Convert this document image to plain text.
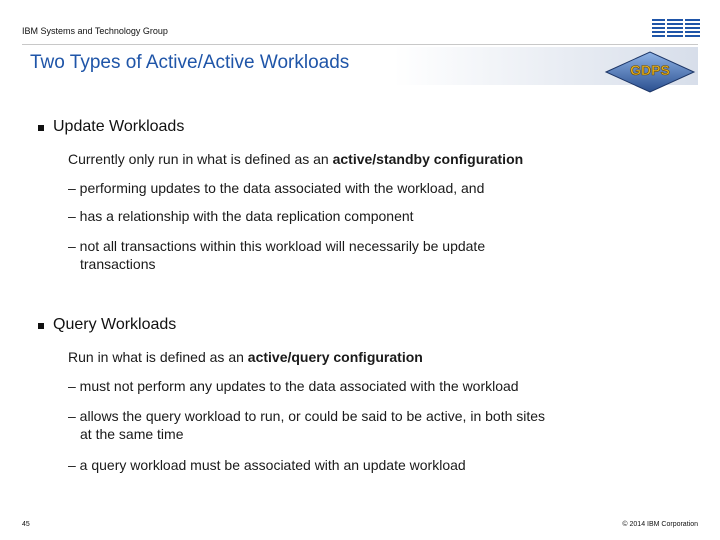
IBM Systems and Technology Group
Two Types of Active/Active Workloads	GDPS
Update Workloads
Currently only run in what is defined as an active/standby configuration
– performing updates to the data associated with the workload, and
– has a relationship with the data replication component
– not all transactions within this workload will necessarily be update
transactions
Query Workloads
Run in what is defined as an active/query configuration
– must not perform any updates to the data associated with the workload
– allows the query workload to run, or could be said to be active, in both sites
at the same time
– a query workload must be associated with an update workload
45	© 2014 IBM Corporation
